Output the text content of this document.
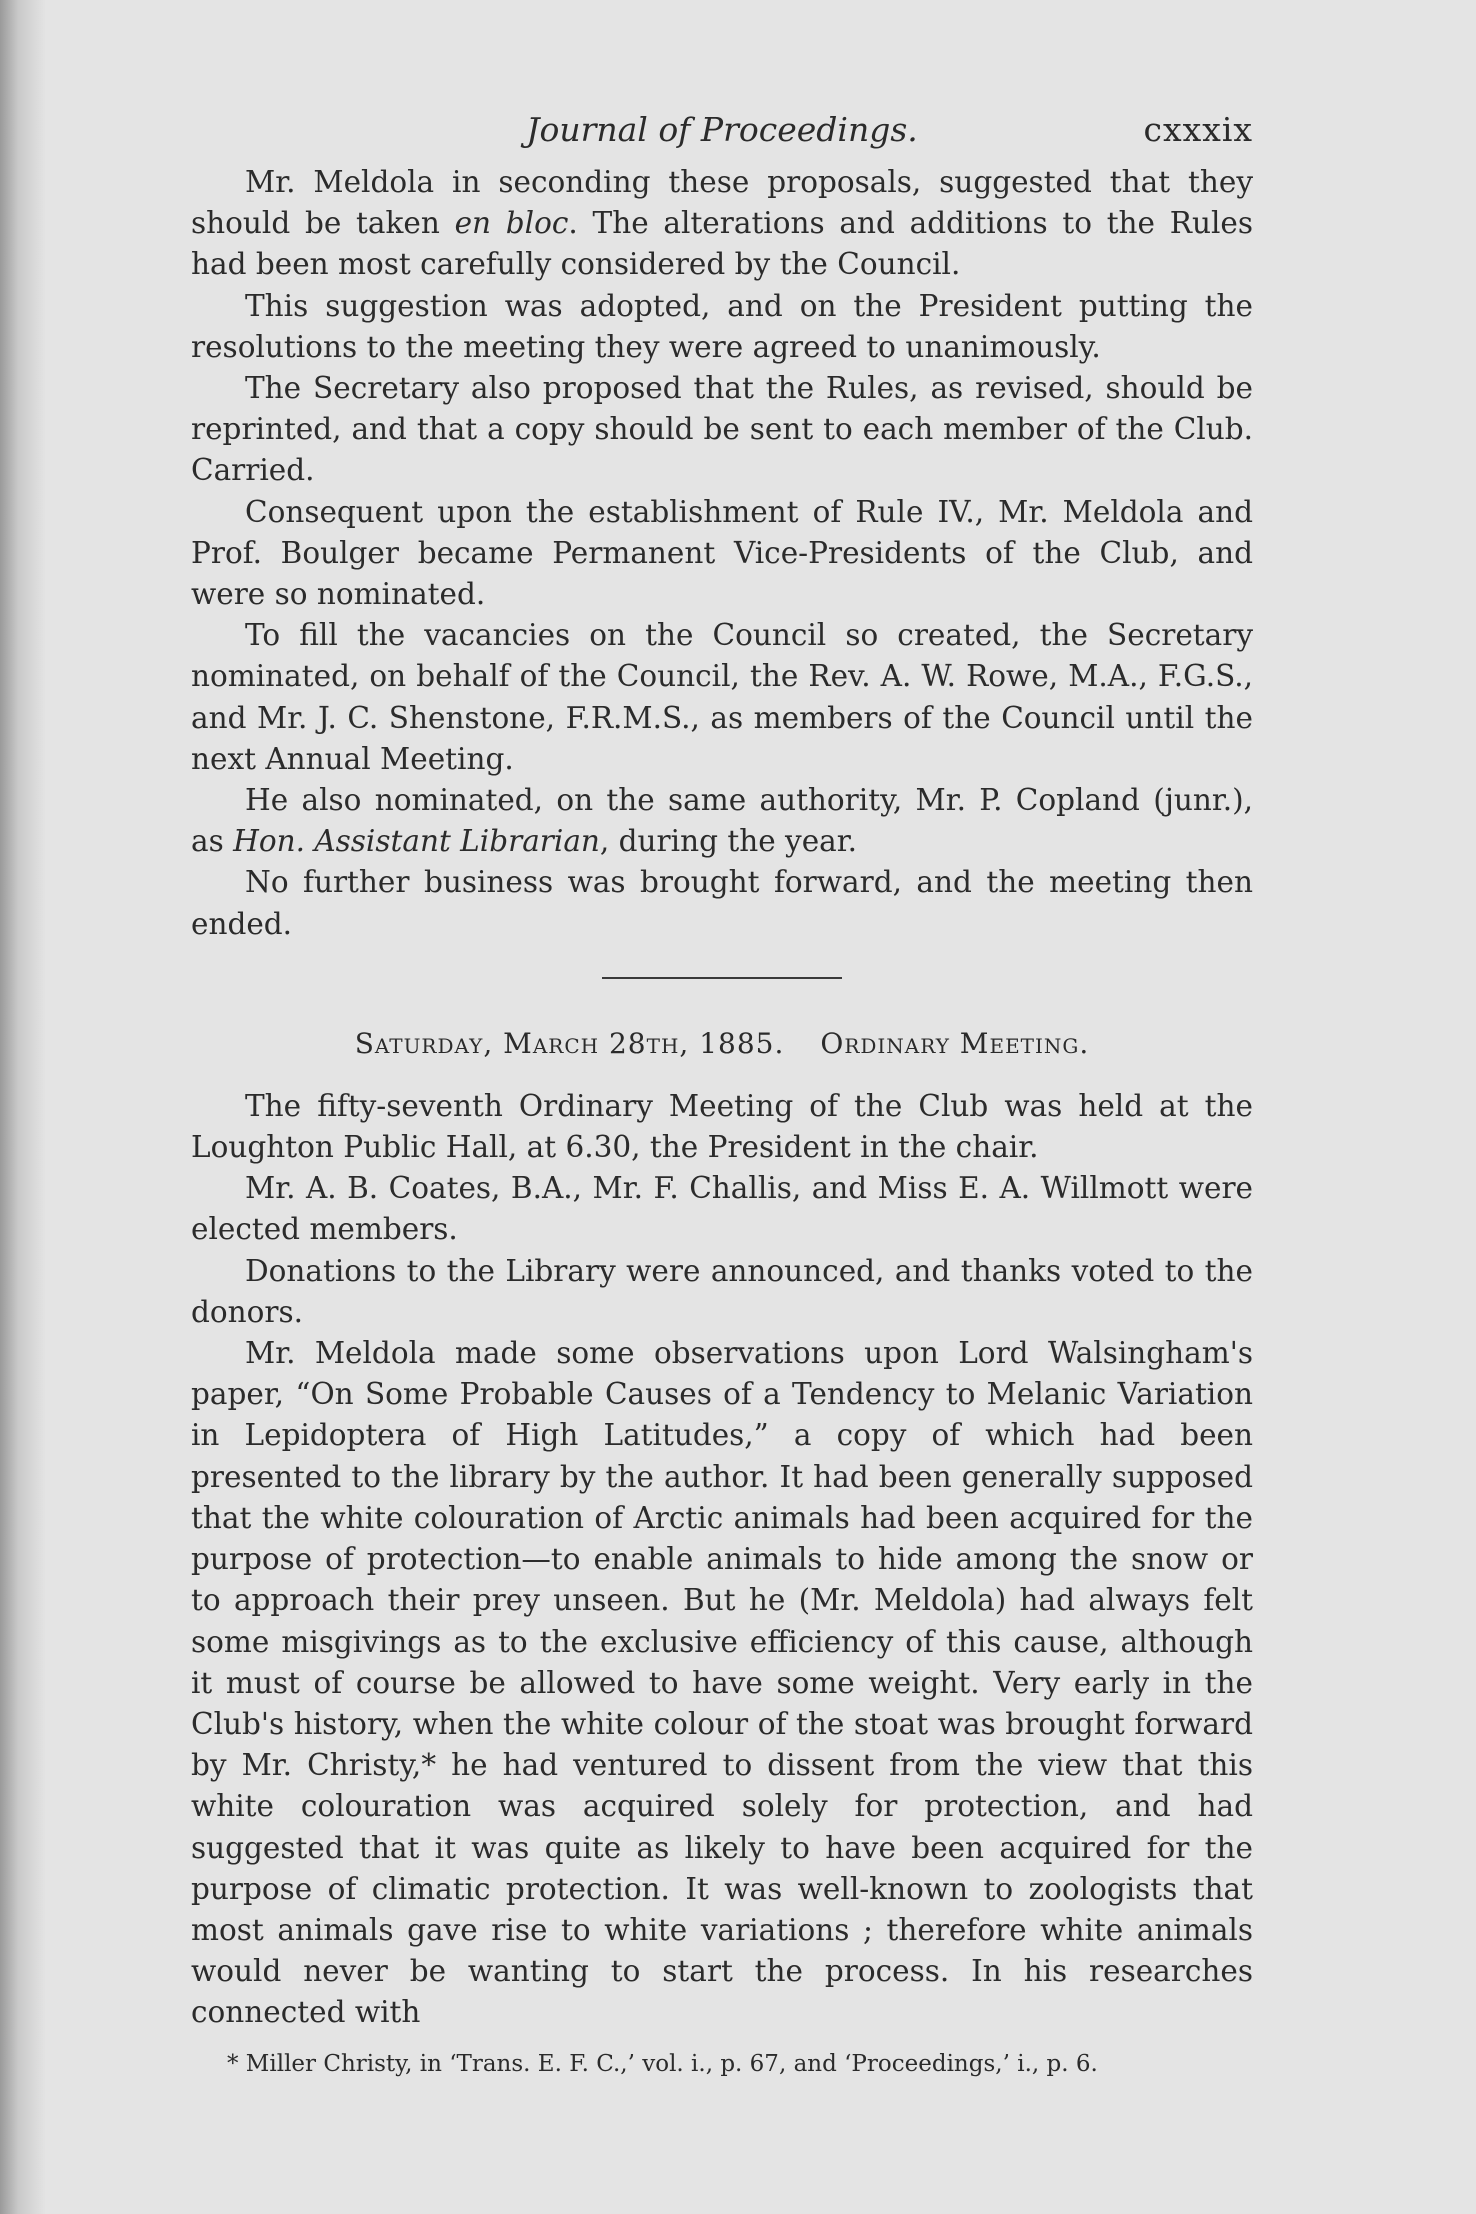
Journal of Proceedings.	cxxxix

Mr. Meldola in seconding these proposals, suggested that they should be taken en bloc. The alterations and additions to the Rules had been most carefully considered by the Council.

This suggestion was adopted, and on the President putting the resolutions to the meeting they were agreed to unanimously.

The Secretary also proposed that the Rules, as revised, should be reprinted, and that a copy should be sent to each member of the Club. Carried.

Consequent upon the establishment of Rule IV., Mr. Meldola and Prof. Boulger became Permanent Vice-Presidents of the Club, and were so nominated.

To fill the vacancies on the Council so created, the Secretary nominated, on behalf of the Council, the Rev. A. W. Rowe, M.A., F.G.S., and Mr. J. C. Shenstone, F.R.M.S., as members of the Council until the next Annual Meeting.

He also nominated, on the same authority, Mr. P. Copland (junr.), as Hon. Assistant Librarian, during the year.

No further business was brought forward, and the meeting then ended.

Saturday, March 28th, 1885. Ordinary Meeting.

The fifty-seventh Ordinary Meeting of the Club was held at the Loughton Public Hall, at 6.30, the President in the chair.

Mr. A. B. Coates, B.A., Mr. F. Challis, and Miss E. A. Willmott were elected members.

Donations to the Library were announced, and thanks voted to the donors.

Mr. Meldola made some observations upon Lord Walsingham's paper, “On Some Probable Causes of a Tendency to Melanic Variation in Lepidoptera of High Latitudes,” a copy of which had been presented to the library by the author. It had been generally supposed that the white colouration of Arctic animals had been acquired for the purpose of protection—to enable animals to hide among the snow or to approach their prey unseen. But he (Mr. Meldola) had always felt some misgivings as to the exclusive efficiency of this cause, although it must of course be allowed to have some weight. Very early in the Club's history, when the white colour of the stoat was brought forward by Mr. Christy,* he had ventured to dissent from the view that this white colouration was acquired solely for protection, and had suggested that it was quite as likely to have been acquired for the purpose of climatic protection. It was well-known to zoologists that most animals gave rise to white variations ; therefore white animals would never be wanting to start the process. In his researches connected with

* Miller Christy, in ‘Trans. E. F. C.,’ vol. i., p. 67, and ‘Proceedings,’ i., p. 6.
